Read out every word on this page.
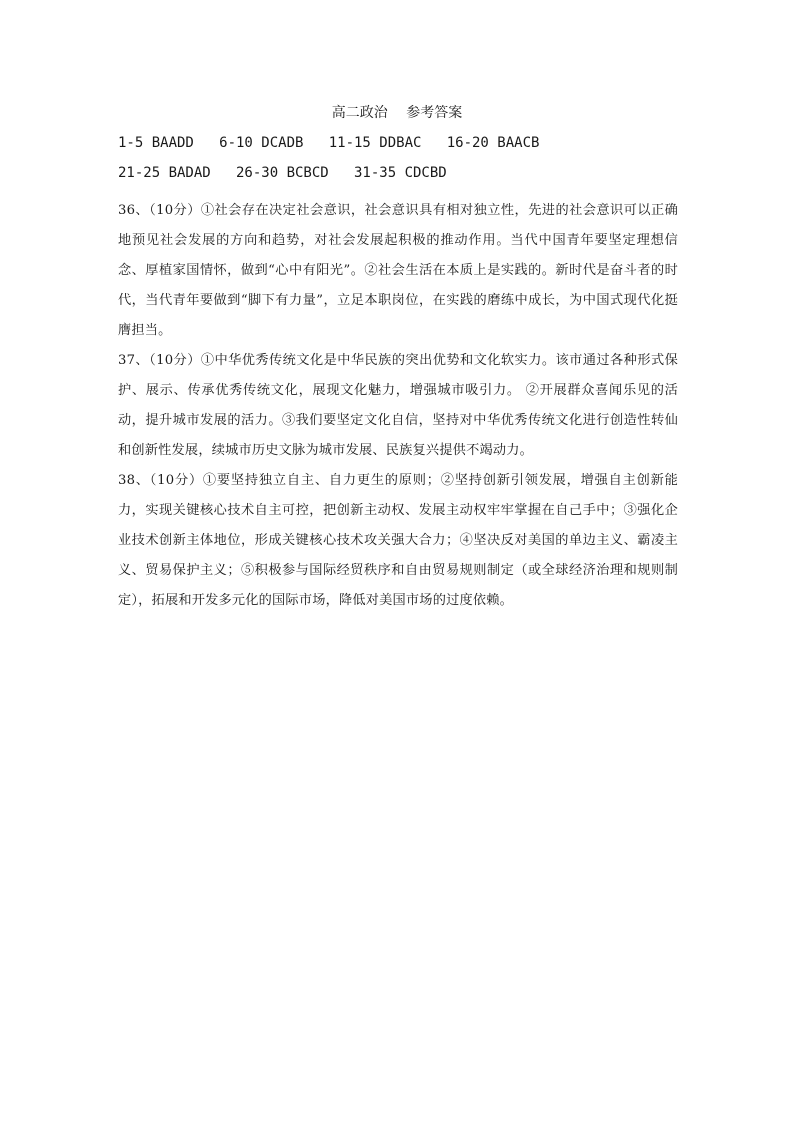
高二政治　 参考答案
1-5 BAADD   6-10 DCADB   11-15 DDBAC   16-20 BAACB
21-25 BADAD   26-30 BCBCD   31-35 CDCBD
36、（10分）①社会存在决定社会意识，社会意识具有相对独立性，先进的社会意识可以正确地预见社会发展的方向和趋势，对社会发展起积极的推动作用。当代中国青年要坚定理想信念、厚植家国情怀，做到“心中有阳光”。②社会生活在本质上是实践的。新时代是奋斗者的时代，当代青年要做到“脚下有力量”，立足本职岗位，在实践的磨练中成长，为中国式现代化挺膺担当。
37、（10分）①中华优秀传统文化是中华民族的突出优势和文化软实力。该市通过各种形式保护、展示、传承优秀传统文化，展现文化魅力，增强城市吸引力。 ②开展群众喜闻乐见的活动，提升城市发展的活力。③我们要坚定文化自信，坚持对中华优秀传统文化进行创造性转仙和创新性发展，续城市历史文脉为城市发展、民族复兴提供不竭动力。
38、（10分）①要坚持独立自主、自力更生的原则；②坚持创新引领发展，增强自主创新能力，实现关键核心技术自主可控，把创新主动权、发展主动权牢牢掌握在自己手中；③强化企业技术创新主体地位，形成关键核心技术攻关强大合力；④坚决反对美国的单边主义、霸凌主义、贸易保护主义；⑤积极参与国际经贸秩序和自由贸易规则制定（或全球经济治理和规则制定），拓展和开发多元化的国际市场，降低对美国市场的过度依赖。
